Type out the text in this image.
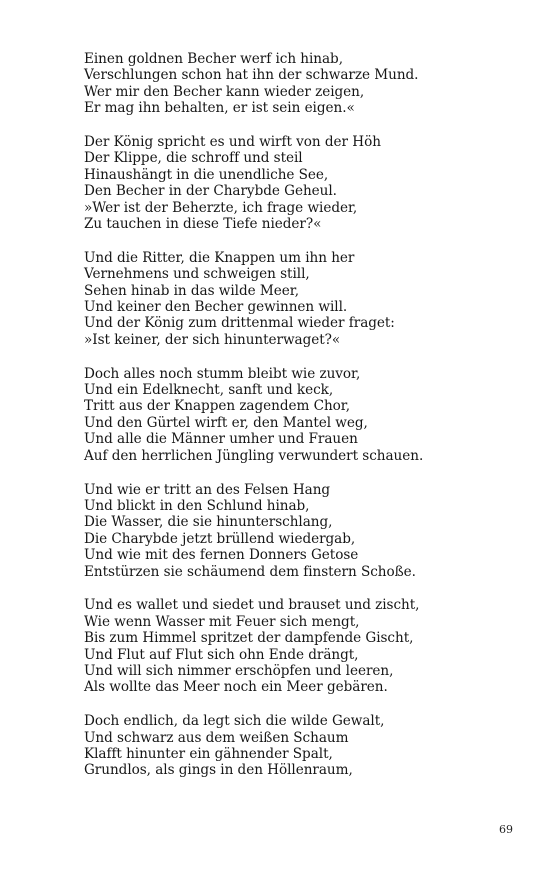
Einen goldnen Becher werf ich hinab,
Verschlungen schon hat ihn der schwarze Mund.
Wer mir den Becher kann wieder zeigen,
Er mag ihn behalten, er ist sein eigen.«
Der König spricht es und wirft von der Höh
Der Klippe, die schroff und steil
Hinaushängt in die unendliche See,
Den Becher in der Charybde Geheul.
»Wer ist der Beherzte, ich frage wieder,
Zu tauchen in diese Tiefe nieder?«
Und die Ritter, die Knappen um ihn her
Vernehmens und schweigen still,
Sehen hinab in das wilde Meer,
Und keiner den Becher gewinnen will.
Und der König zum drittenmal wieder fraget:
»Ist keiner, der sich hinunterwaget?«
Doch alles noch stumm bleibt wie zuvor,
Und ein Edelknecht, sanft und keck,
Tritt aus der Knappen zagendem Chor,
Und den Gürtel wirft er, den Mantel weg,
Und alle die Männer umher und Frauen
Auf den herrlichen Jüngling verwundert schauen.
Und wie er tritt an des Felsen Hang
Und blickt in den Schlund hinab,
Die Wasser, die sie hinunterschlang,
Die Charybde jetzt brüllend wiedergab,
Und wie mit des fernen Donners Getose
Entstürzen sie schäumend dem finstern Schoße.
Und es wallet und siedet und brauset und zischt,
Wie wenn Wasser mit Feuer sich mengt,
Bis zum Himmel spritzet der dampfende Gischt,
Und Flut auf Flut sich ohn Ende drängt,
Und will sich nimmer erschöpfen und leeren,
Als wollte das Meer noch ein Meer gebären.
Doch endlich, da legt sich die wilde Gewalt,
Und schwarz aus dem weißen Schaum
Klafft hinunter ein gähnender Spalt,
Grundlos, als gings in den Höllenraum,
69
